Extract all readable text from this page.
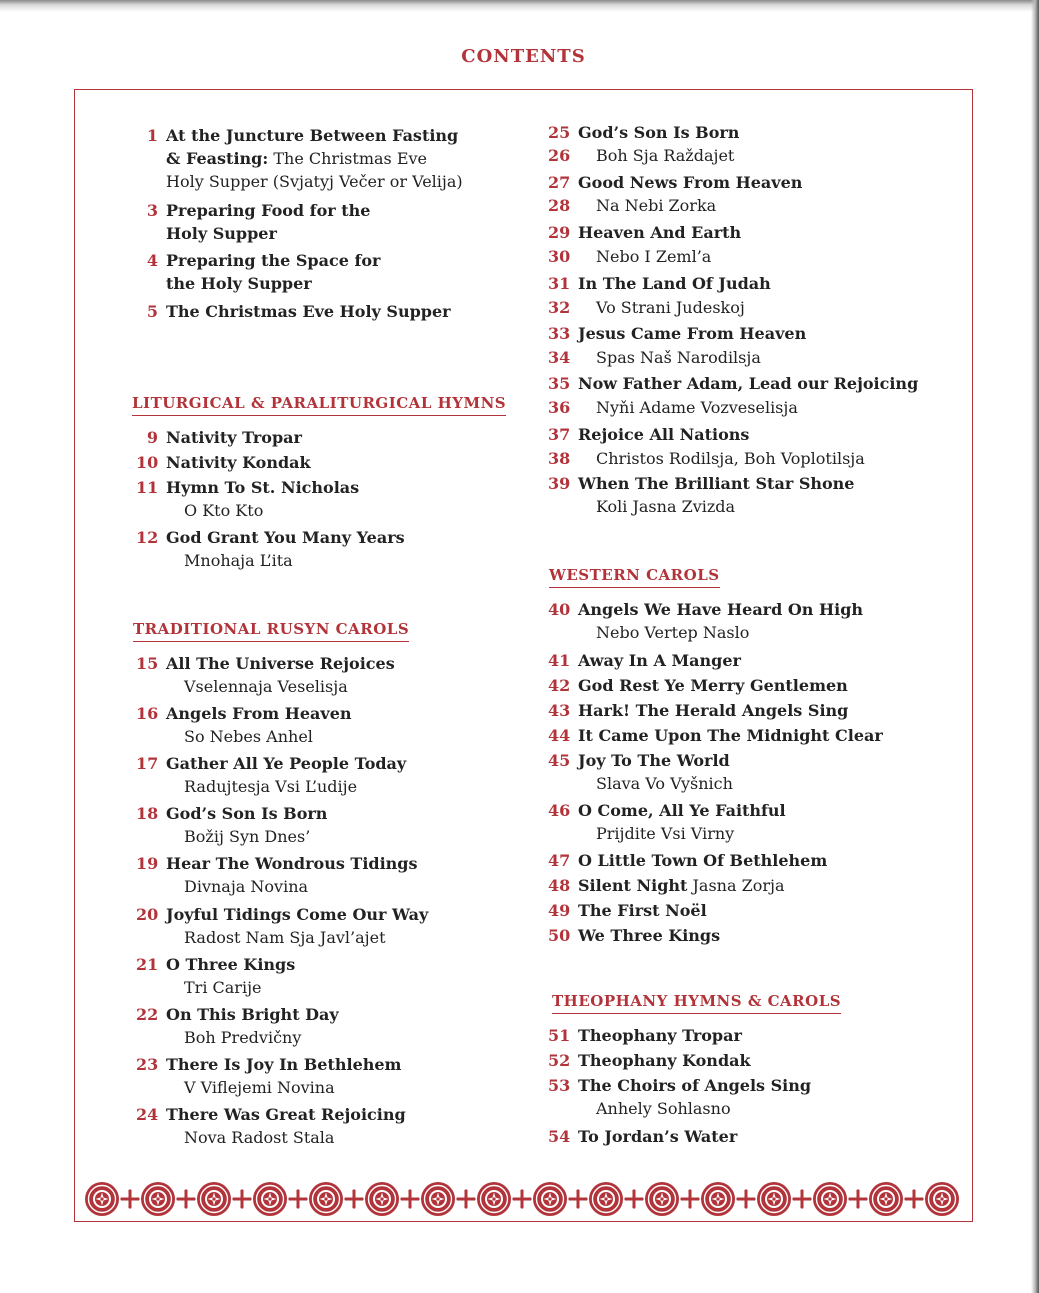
CONTENTS
1 At the Juncture Between Fasting
& Feasting: The Christmas Eve
Holy Supper (Svjatyj Večer or Velija)
3 Preparing Food for the
Holy Supper
4 Preparing the Space for
the Holy Supper
5 The Christmas Eve Holy Supper
LITURGICAL & PARALITURGICAL HYMNS
9 Nativity Tropar
10 Nativity Kondak
11 Hymn To St. Nicholas
O Kto Kto
12 God Grant You Many Years
Mnohaja L’ita
TRADITIONAL RUSYN CAROLS
15 All The Universe Rejoices
Vselennaja Veselisja
16 Angels From Heaven
So Nebes Anhel
17 Gather All Ye People Today
Radujtesja Vsi L’udije
18 God’s Son Is Born
Božij Syn Dnes’
19 Hear The Wondrous Tidings
Divnaja Novina
20 Joyful Tidings Come Our Way
Radost Nam Sja Javl’ajet
21 O Three Kings
Tri Carije
22 On This Bright Day
Boh Predvičny
23 There Is Joy In Bethlehem
V Viflejemi Novina
24 There Was Great Rejoicing
Nova Radost Stala
25 God’s Son Is Born
26	Boh Sja Raždajet
27 Good News From Heaven
28	Na Nebi Zorka
29 Heaven And Earth
30	Nebo I Zeml’a
31 In The Land Of Judah
32	Vo Strani Judeskoj
33 Jesus Came From Heaven
34	Spas Naš Narodilsja
35 Now Father Adam, Lead our Rejoicing
36	Nyňi Adame Vozveselisja
37 Rejoice All Nations
38	Christos Rodilsja, Boh Voplotilsja
39 When The Brilliant Star Shone
Koli Jasna Zvizda
WESTERN CAROLS
40 Angels We Have Heard On High
Nebo Vertep Naslo
41 Away In A Manger
42 God Rest Ye Merry Gentlemen
43 Hark! The Herald Angels Sing
44 It Came Upon The Midnight Clear
45 Joy To The World
Slava Vo Vyšnich
46 O Come, All Ye Faithful
Prijdite Vsi Virny
47 O Little Town Of Bethlehem
48 Silent Night Jasna Zorja
49 The First Noël
50 We Three Kings
THEOPHANY HYMNS & CAROLS
51 Theophany Tropar
52 Theophany Kondak
53 The Choirs of Angels Sing
Anhely Sohlasno
54 To Jordan’s Water
